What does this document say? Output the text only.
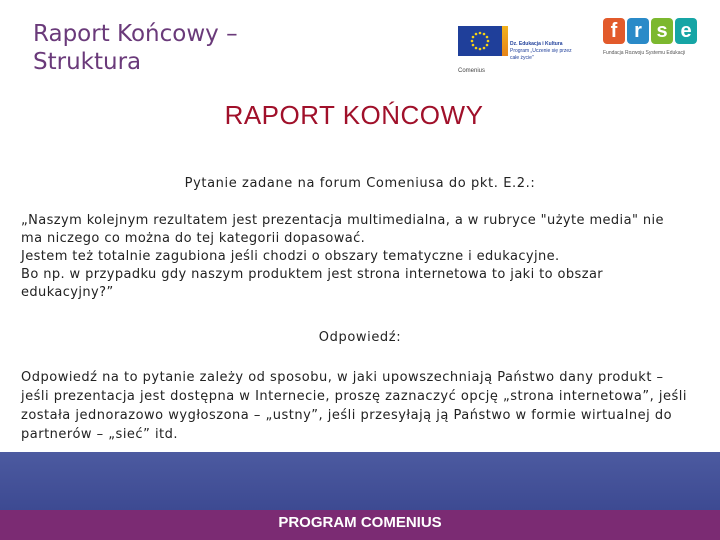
Raport Końcowy –
Struktura
Dz. Edukacja i Kultura
Program „Uczenie się przez całe życie"
Comenius
f r s e
Fundacja Rozwoju Systemu Edukacji
RAPORT KOŃCOWY
Pytanie zadane na forum Comeniusa do pkt. E.2.:

„Naszym kolejnym rezultatem jest prezentacja multimedialna, a w rubryce "użyte media" nie ma niczego co można do tej kategorii dopasować.

Jestem też totalnie zagubiona jeśli chodzi o obszary tematyczne i edukacyjne.

Bo np. w przypadku gdy naszym produktem jest strona internetowa to jaki to obszar edukacyjny?”

Odpowiedź:
Odpowiedź na to pytanie zależy od sposobu, w jaki upowszechniają Państwo dany produkt – jeśli prezentacja jest dostępna w Internecie, proszę zaznaczyć opcję „strona internetowa”, jeśli została jednorazowo wygłoszona – „ustny”, jeśli przesyłają ją Państwo w formie wirtualnej do partnerów – „sieć” itd.
PROGRAM COMENIUS
